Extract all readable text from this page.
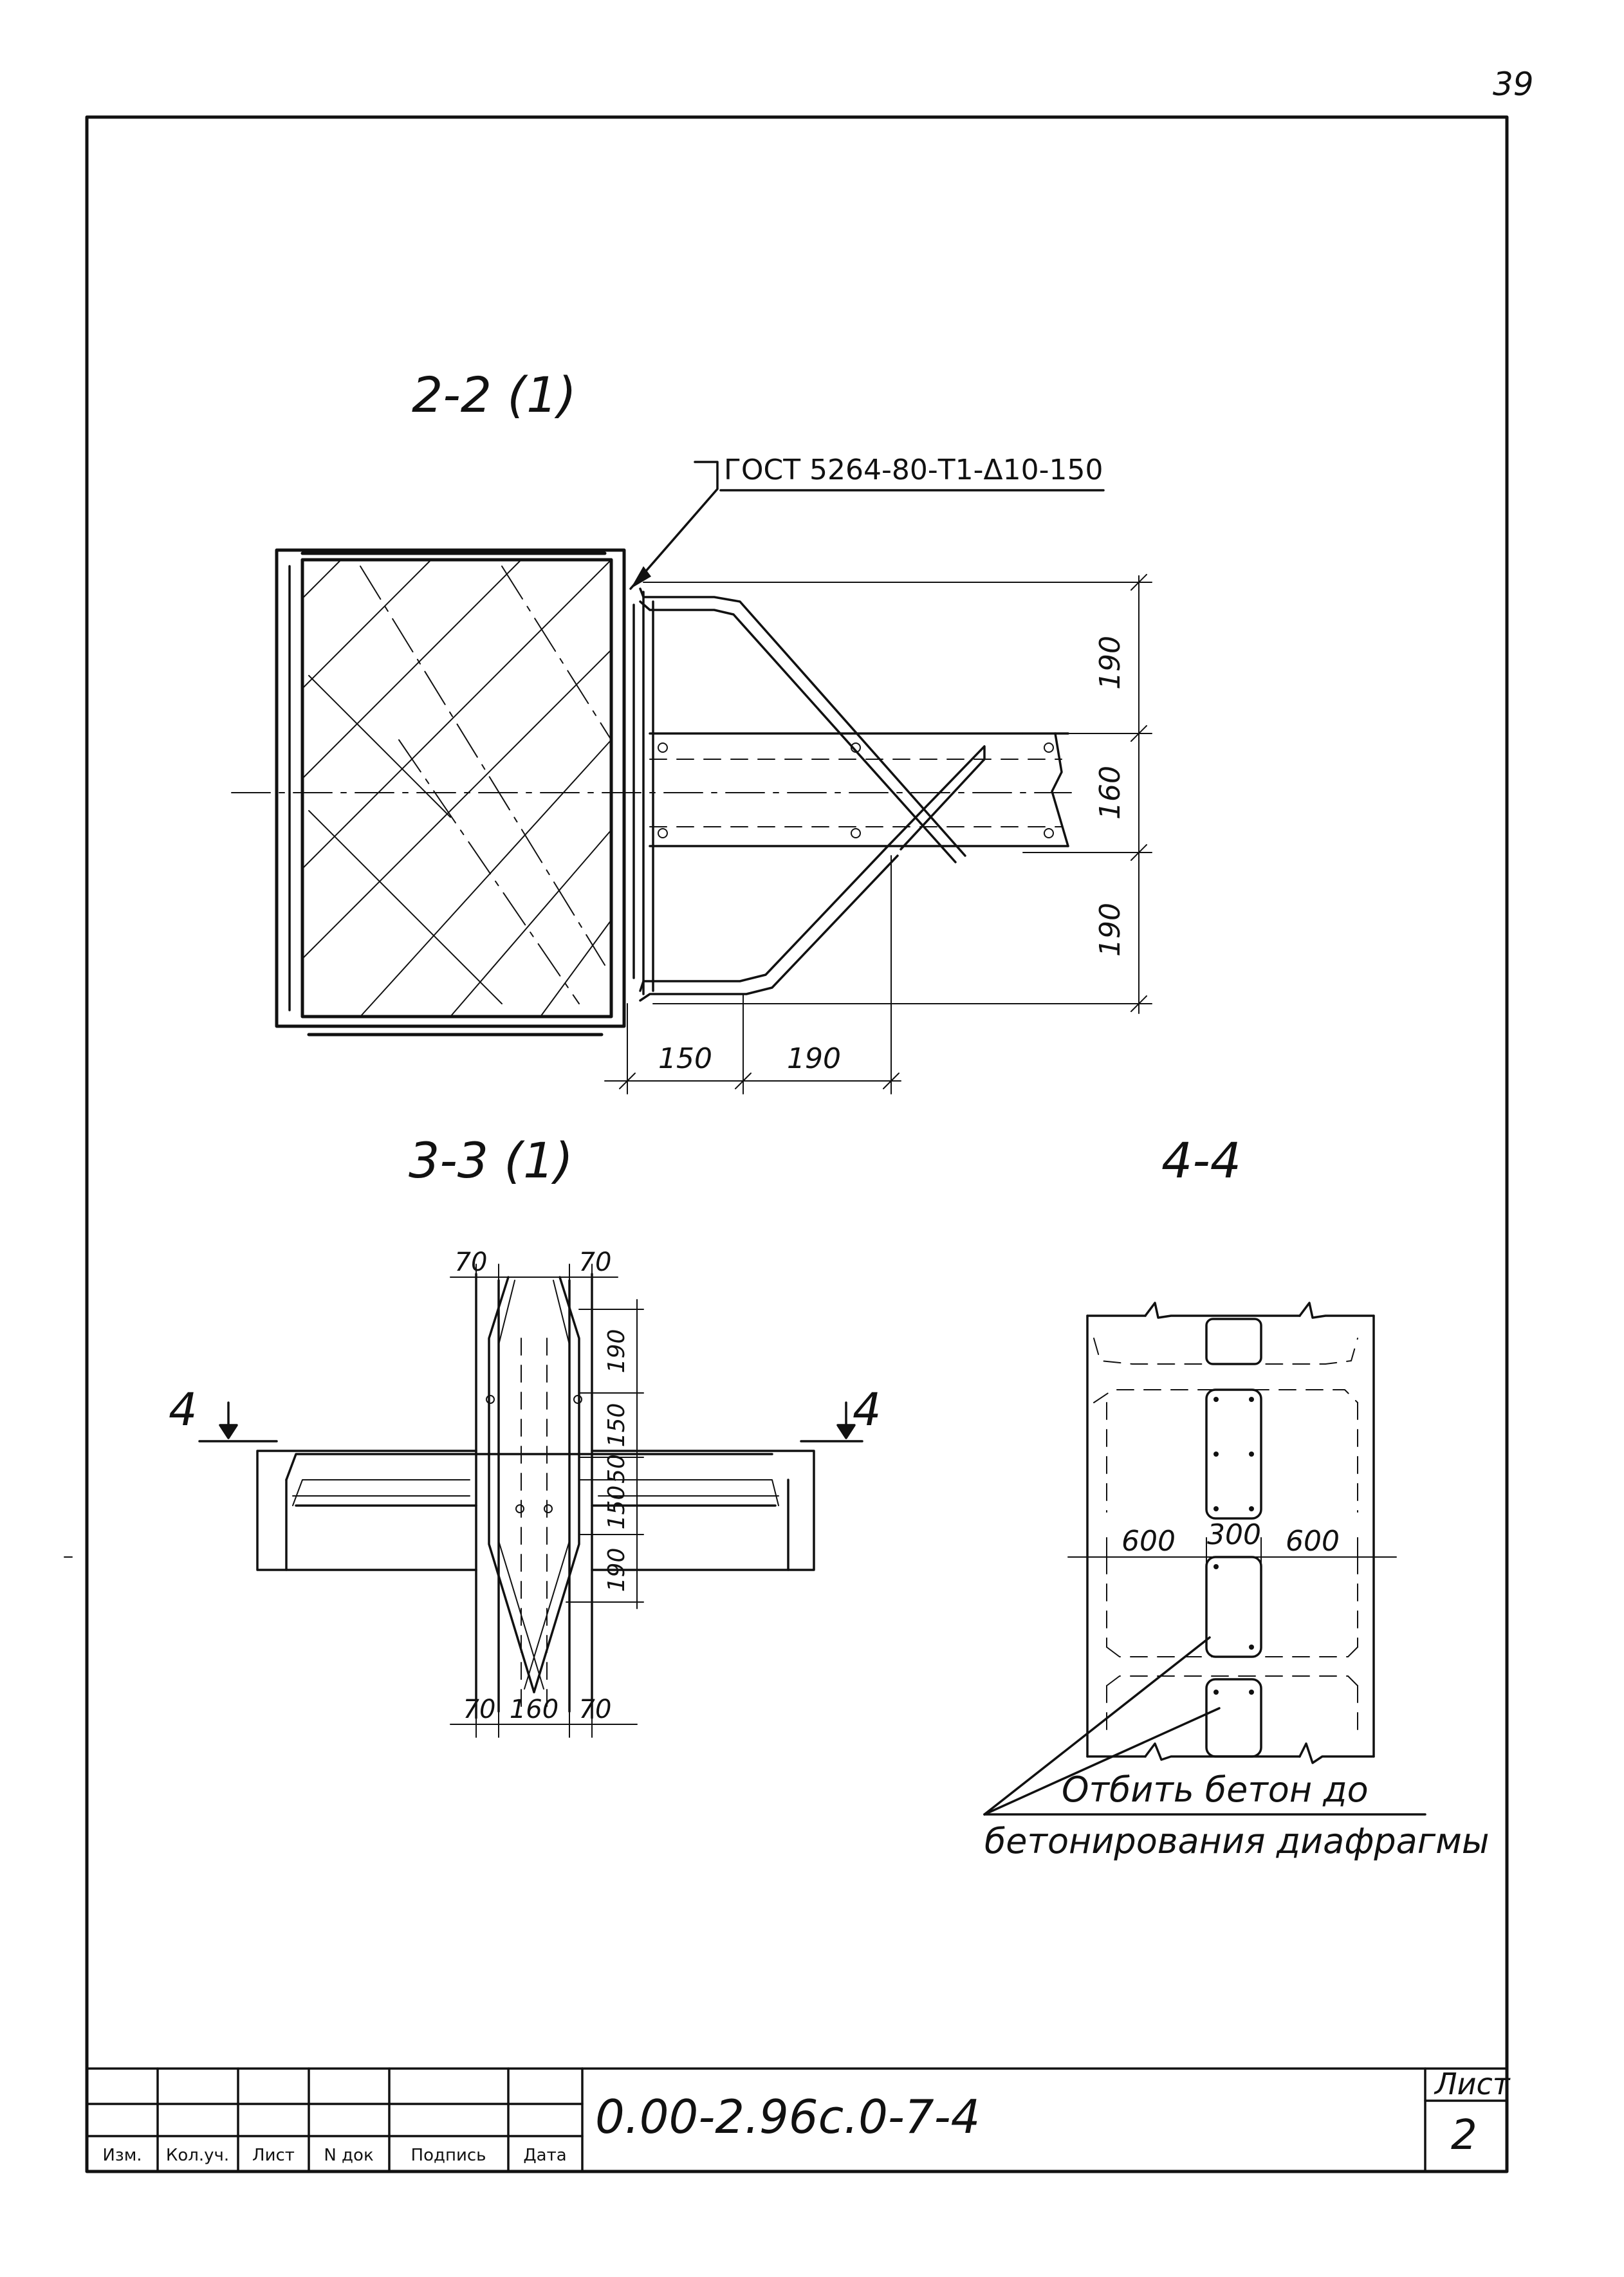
39
2-2 (1)
ГОСТ 5264-80-Т1-Δ10-150
190
160
190
150	190
3-3 (1)
4	4
70	70
190
150
50
150
190
70 160 70
4-4
600 300 600
Отбить бетон до
бетонирования диафрагмы
Изм. Кол.уч. Лист N док Подпись Дата
0.00-2.96с.0-7-4
Лист
2
